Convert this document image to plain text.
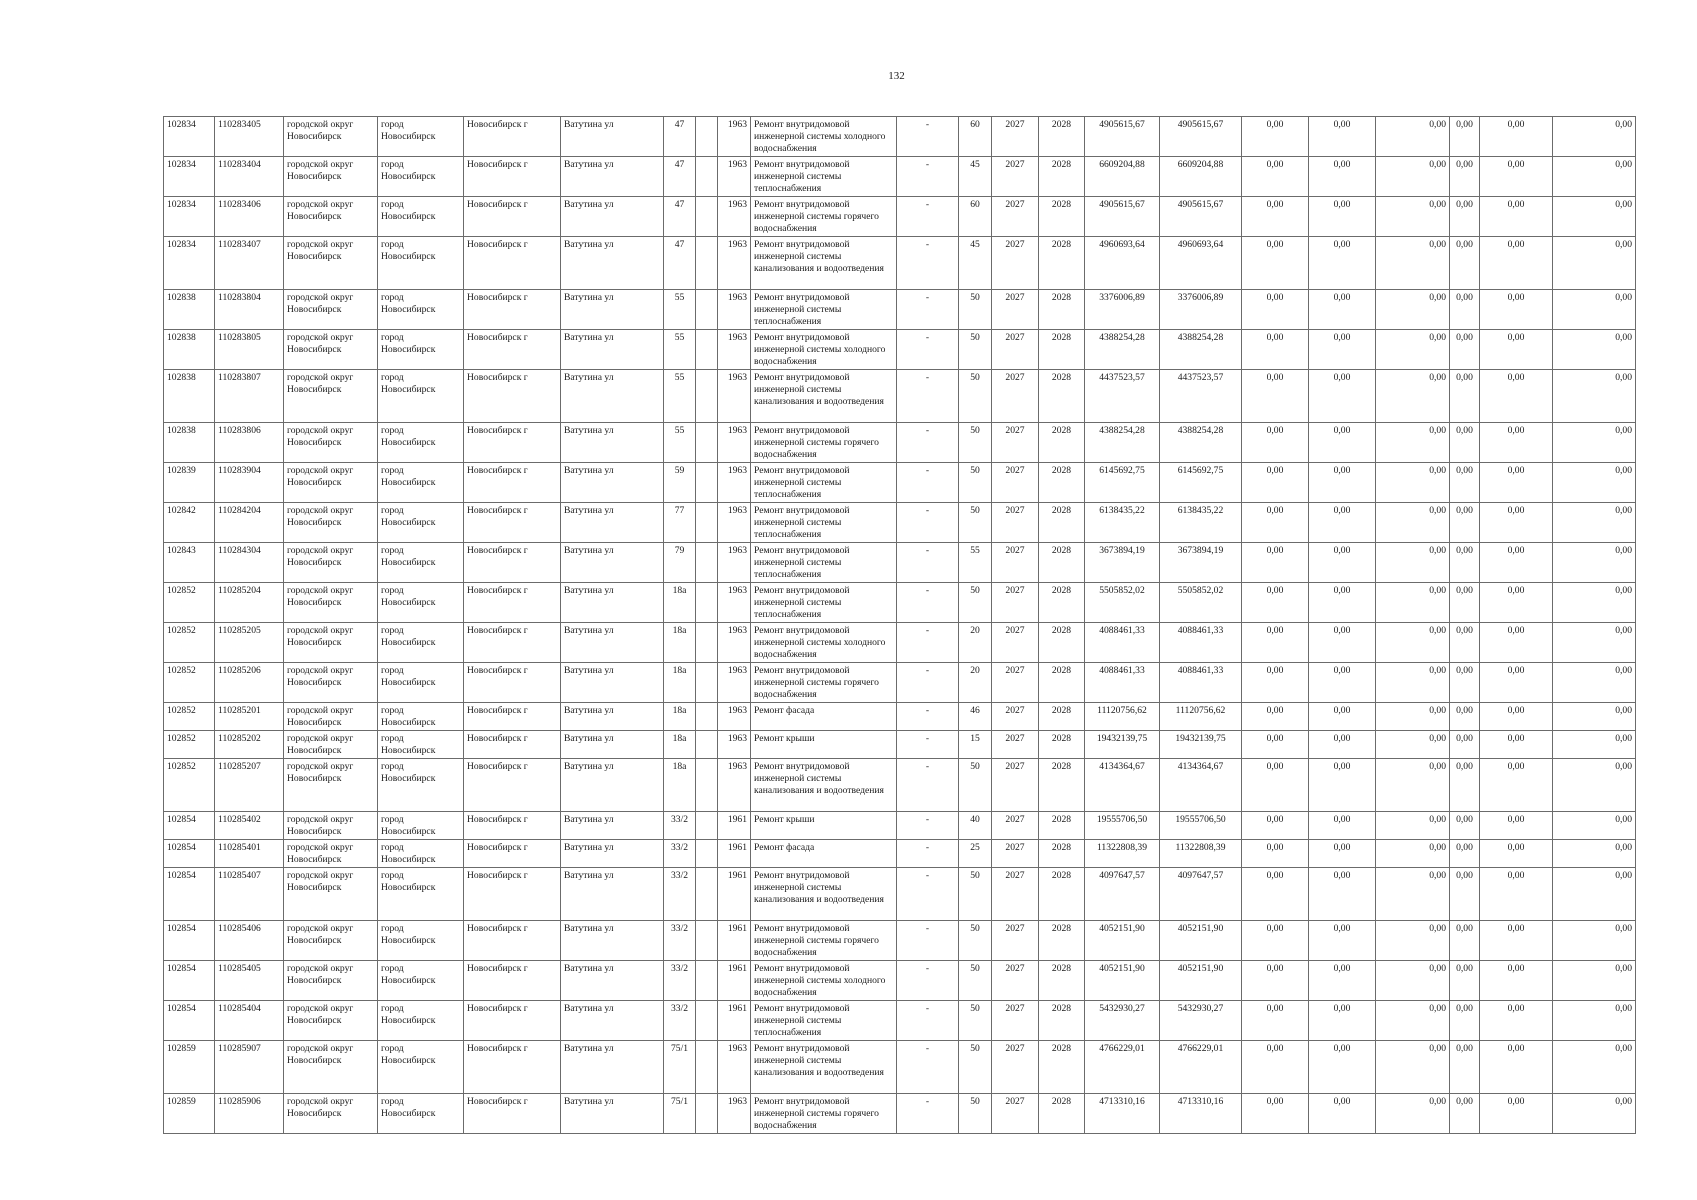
132
102834	110283405	городской округ Новосибирск	город Новосибирск	Новосибирск г	Ватутина ул	47		1963	Ремонт внутридомовой инженерной системы холодного водоснабжения	-	60	2027	2028	4905615,67	4905615,67	0,00	0,00	0,00	0,00	0,00	0,00
102834	110283404	городской округ Новосибирск	город Новосибирск	Новосибирск г	Ватутина ул	47		1963	Ремонт внутридомовой инженерной системы теплоснабжения	-	45	2027	2028	6609204,88	6609204,88	0,00	0,00	0,00	0,00	0,00	0,00
102834	110283406	городской округ Новосибирск	город Новосибирск	Новосибирск г	Ватутина ул	47		1963	Ремонт внутридомовой инженерной системы горячего водоснабжения	-	60	2027	2028	4905615,67	4905615,67	0,00	0,00	0,00	0,00	0,00	0,00
102834	110283407	городской округ Новосибирск	город Новосибирск	Новосибирск г	Ватутина ул	47		1963	Ремонт внутридомовой инженерной системы канализования и водоотведения	-	45	2027	2028	4960693,64	4960693,64	0,00	0,00	0,00	0,00	0,00	0,00
102838	110283804	городской округ Новосибирск	город Новосибирск	Новосибирск г	Ватутина ул	55		1963	Ремонт внутридомовой инженерной системы теплоснабжения	-	50	2027	2028	3376006,89	3376006,89	0,00	0,00	0,00	0,00	0,00	0,00
102838	110283805	городской округ Новосибирск	город Новосибирск	Новосибирск г	Ватутина ул	55		1963	Ремонт внутридомовой инженерной системы холодного водоснабжения	-	50	2027	2028	4388254,28	4388254,28	0,00	0,00	0,00	0,00	0,00	0,00
102838	110283807	городской округ Новосибирск	город Новосибирск	Новосибирск г	Ватутина ул	55		1963	Ремонт внутридомовой инженерной системы канализования и водоотведения	-	50	2027	2028	4437523,57	4437523,57	0,00	0,00	0,00	0,00	0,00	0,00
102838	110283806	городской округ Новосибирск	город Новосибирск	Новосибирск г	Ватутина ул	55		1963	Ремонт внутридомовой инженерной системы горячего водоснабжения	-	50	2027	2028	4388254,28	4388254,28	0,00	0,00	0,00	0,00	0,00	0,00
102839	110283904	городской округ Новосибирск	город Новосибирск	Новосибирск г	Ватутина ул	59		1963	Ремонт внутридомовой инженерной системы теплоснабжения	-	50	2027	2028	6145692,75	6145692,75	0,00	0,00	0,00	0,00	0,00	0,00
102842	110284204	городской округ Новосибирск	город Новосибирск	Новосибирск г	Ватутина ул	77		1963	Ремонт внутридомовой инженерной системы теплоснабжения	-	50	2027	2028	6138435,22	6138435,22	0,00	0,00	0,00	0,00	0,00	0,00
102843	110284304	городской округ Новосибирск	город Новосибирск	Новосибирск г	Ватутина ул	79		1963	Ремонт внутридомовой инженерной системы теплоснабжения	-	55	2027	2028	3673894,19	3673894,19	0,00	0,00	0,00	0,00	0,00	0,00
102852	110285204	городской округ Новосибирск	город Новосибирск	Новосибирск г	Ватутина ул	18а		1963	Ремонт внутридомовой инженерной системы теплоснабжения	-	50	2027	2028	5505852,02	5505852,02	0,00	0,00	0,00	0,00	0,00	0,00
102852	110285205	городской округ Новосибирск	город Новосибирск	Новосибирск г	Ватутина ул	18а		1963	Ремонт внутридомовой инженерной системы холодного водоснабжения	-	20	2027	2028	4088461,33	4088461,33	0,00	0,00	0,00	0,00	0,00	0,00
102852	110285206	городской округ Новосибирск	город Новосибирск	Новосибирск г	Ватутина ул	18а		1963	Ремонт внутридомовой инженерной системы горячего водоснабжения	-	20	2027	2028	4088461,33	4088461,33	0,00	0,00	0,00	0,00	0,00	0,00
102852	110285201	городской округ Новосибирск	город Новосибирск	Новосибирск г	Ватутина ул	18а		1963	Ремонт фасада	-	46	2027	2028	11120756,62	11120756,62	0,00	0,00	0,00	0,00	0,00	0,00
102852	110285202	городской округ Новосибирск	город Новосибирск	Новосибирск г	Ватутина ул	18а		1963	Ремонт крыши	-	15	2027	2028	19432139,75	19432139,75	0,00	0,00	0,00	0,00	0,00	0,00
102852	110285207	городской округ Новосибирск	город Новосибирск	Новосибирск г	Ватутина ул	18а		1963	Ремонт внутридомовой инженерной системы канализования и водоотведения	-	50	2027	2028	4134364,67	4134364,67	0,00	0,00	0,00	0,00	0,00	0,00
102854	110285402	городской округ Новосибирск	город Новосибирск	Новосибирск г	Ватутина ул	33/2		1961	Ремонт крыши	-	40	2027	2028	19555706,50	19555706,50	0,00	0,00	0,00	0,00	0,00	0,00
102854	110285401	городской округ Новосибирск	город Новосибирск	Новосибирск г	Ватутина ул	33/2		1961	Ремонт фасада	-	25	2027	2028	11322808,39	11322808,39	0,00	0,00	0,00	0,00	0,00	0,00
102854	110285407	городской округ Новосибирск	город Новосибирск	Новосибирск г	Ватутина ул	33/2		1961	Ремонт внутридомовой инженерной системы канализования и водоотведения	-	50	2027	2028	4097647,57	4097647,57	0,00	0,00	0,00	0,00	0,00	0,00
102854	110285406	городской округ Новосибирск	город Новосибирск	Новосибирск г	Ватутина ул	33/2		1961	Ремонт внутридомовой инженерной системы горячего водоснабжения	-	50	2027	2028	4052151,90	4052151,90	0,00	0,00	0,00	0,00	0,00	0,00
102854	110285405	городской округ Новосибирск	город Новосибирск	Новосибирск г	Ватутина ул	33/2		1961	Ремонт внутридомовой инженерной системы холодного водоснабжения	-	50	2027	2028	4052151,90	4052151,90	0,00	0,00	0,00	0,00	0,00	0,00
102854	110285404	городской округ Новосибирск	город Новосибирск	Новосибирск г	Ватутина ул	33/2		1961	Ремонт внутридомовой инженерной системы теплоснабжения	-	50	2027	2028	5432930,27	5432930,27	0,00	0,00	0,00	0,00	0,00	0,00
102859	110285907	городской округ Новосибирск	город Новосибирск	Новосибирск г	Ватутина ул	75/1		1963	Ремонт внутридомовой инженерной системы канализования и водоотведения	-	50	2027	2028	4766229,01	4766229,01	0,00	0,00	0,00	0,00	0,00	0,00
102859	110285906	городской округ Новосибирск	город Новосибирск	Новосибирск г	Ватутина ул	75/1		1963	Ремонт внутридомовой инженерной системы горячего водоснабжения	-	50	2027	2028	4713310,16	4713310,16	0,00	0,00	0,00	0,00	0,00	0,00
